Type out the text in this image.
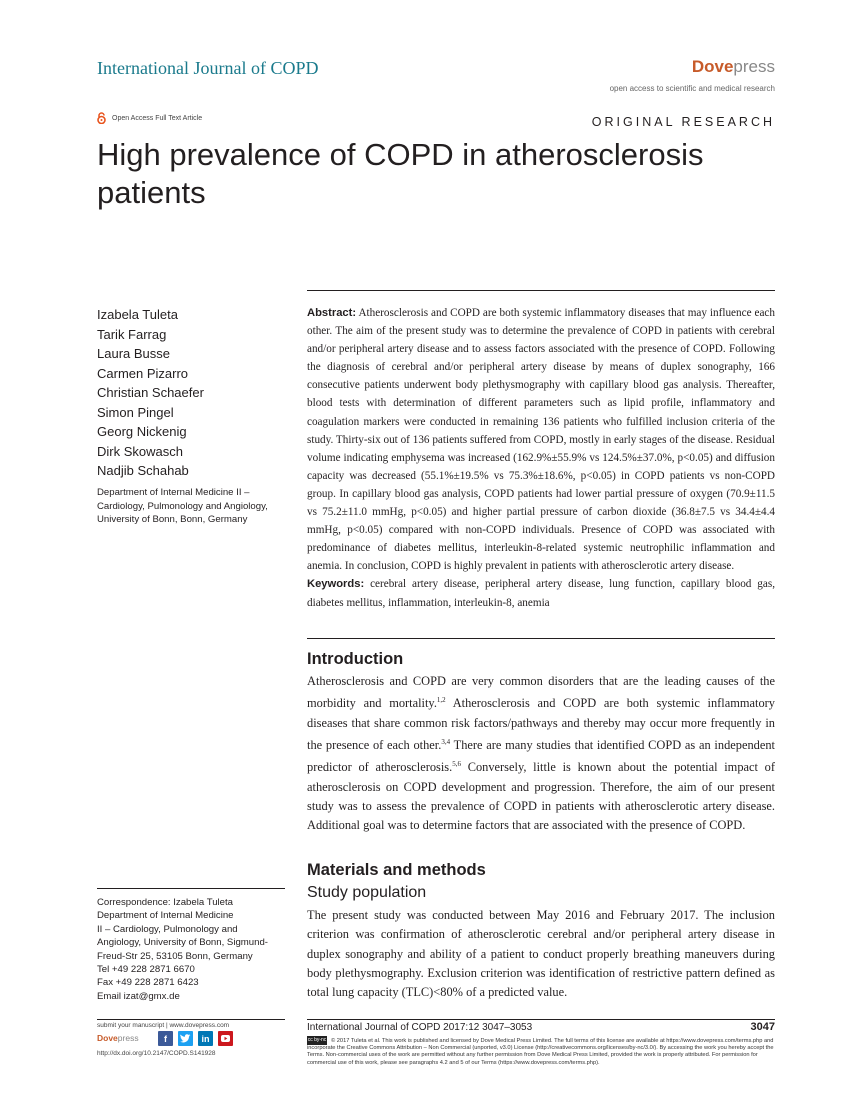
International Journal of COPD	Dovepress
open access to scientific and medical research
Open Access Full Text Article	ORIGINAL RESEARCH
High prevalence of COPD in atherosclerosis patients
Izabela Tuleta
Tarik Farrag
Laura Busse
Carmen Pizarro
Christian Schaefer
Simon Pingel
Georg Nickenig
Dirk Skowasch
Nadjib Schahab
Department of Internal Medicine II – Cardiology, Pulmonology and Angiology, University of Bonn, Bonn, Germany
Abstract: Atherosclerosis and COPD are both systemic inflammatory diseases that may influence each other. The aim of the present study was to determine the prevalence of COPD in patients with cerebral and/or peripheral artery disease and to assess factors associated with the presence of COPD. Following the diagnosis of cerebral and/or peripheral artery disease by means of duplex sonography, 166 consecutive patients underwent body plethysmography with capillary blood gas analysis. Thereafter, blood tests with determination of different parameters such as lipid profile, inflammatory and coagulation markers were conducted in remaining 136 patients who fulfilled inclusion criteria of the study. Thirty-six out of 136 patients suffered from COPD, mostly in early stages of the disease. Residual volume indicating emphysema was increased (162.9%±55.9% vs 124.5%±37.0%, p<0.05) and diffusion capacity was decreased (55.1%±19.5% vs 75.3%±18.6%, p<0.05) in COPD patients vs non-COPD group. In capillary blood gas analysis, COPD patients had lower partial pressure of oxygen (70.9±11.5 vs 75.2±11.0 mmHg, p<0.05) and higher partial pressure of carbon dioxide (36.8±7.5 vs 34.4±4.4 mmHg, p<0.05) compared with non-COPD individuals. Presence of COPD was associated with predominance of diabetes mellitus, interleukin-8-related systemic neutrophilic inflammation and anemia. In conclusion, COPD is highly prevalent in patients with atherosclerotic artery disease.
Keywords: cerebral artery disease, peripheral artery disease, lung function, capillary blood gas, diabetes mellitus, inflammation, interleukin-8, anemia
Introduction
Atherosclerosis and COPD are very common disorders that are the leading causes of the morbidity and mortality.$^{1,2}$ Atherosclerosis and COPD are both systemic inflammatory diseases that share common risk factors/pathways and thereby may occur more frequently in the presence of each other.$^{3,4}$ There are many studies that identified COPD as an independent predictor of atherosclerosis.$^{5,6}$ Conversely, little is known about the potential impact of atherosclerosis on COPD development and progression. Therefore, the aim of our present study was to assess the prevalence of COPD in patients with atherosclerotic artery disease. Additional goal was to determine factors that are associated with the presence of COPD.
Materials and methods
Study population
The present study was conducted between May 2016 and February 2017. The inclusion criterion was confirmation of atherosclerotic cerebral and/or peripheral artery disease in duplex sonography and ability of a patient to conduct properly breathing maneuvers during body plethysmography. Exclusion criterion was identification of restrictive pattern defined as total lung capacity (TLC)<80% of a predicted value.
Correspondence: Izabela Tuleta
Department of Internal Medicine
II – Cardiology, Pulmonology and
Angiology, University of Bonn, Sigmund-
Freud-Str 25, 53105 Bonn, Germany
Tel +49 228 2871 6670
Fax +49 228 2871 6423
Email izat@gmx.de
submit your manuscript | www.dovepress.com
Dovepress	f	in
http://dx.doi.org/10.2147/COPD.S141928
International Journal of COPD 2017:12 3047–3053	3047
cc by-nc © 2017 Tuleta et al. This work is published and licensed by Dove Medical Press Limited. The full terms of this license are available at https://www.dovepress.com/terms.php and incorporate the Creative Commons Attribution – Non Commercial (unported, v3.0) License (http://creativecommons.org/licenses/by-nc/3.0/). By accessing the work you hereby accept the Terms. Non-commercial uses of the work are permitted without any further permission from Dove Medical Press Limited, provided the work is properly attributed. For permission for commercial use of this work, please see paragraphs 4.2 and 5 of our Terms (https://www.dovepress.com/terms.php).
